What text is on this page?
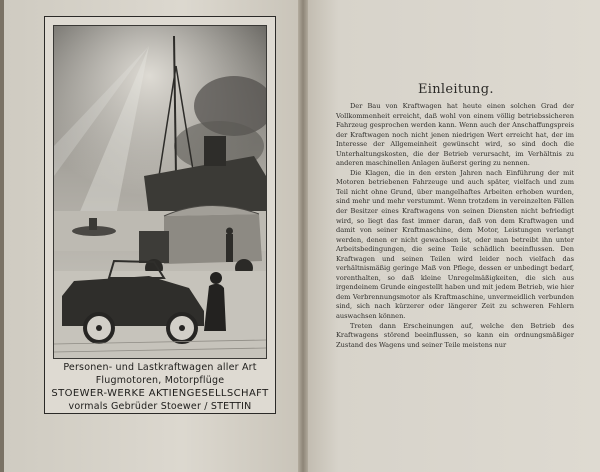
Personen- und Lastkraftwagen aller Art
Flugmotoren, Motorpflüge
STOEWER-WERKE AKTIENGESELLSCHAFT
vormals Gebrüder Stoewer / STETTIN
Einleitung.

Der Bau von Kraftwagen hat heute einen solchen Grad der Vollkommenheit erreicht, daß wohl von einem völlig betriebssicheren Fahrzeug gesprochen werden kann. Wenn auch der Anschaffungspreis der Kraftwagen noch nicht jenen niedrigen Wert erreicht hat, der im Interesse der Allgemeinheit gewünscht wird, so sind doch die Unterhaltungskosten, die der Betrieb verursacht, im Verhältnis zu anderen maschinellen Anlagen äußerst gering zu nennen.

Die Klagen, die in den ersten Jahren nach Einführung der mit Motoren betriebenen Fahrzeuge und auch später, vielfach und zum Teil nicht ohne Grund, über mangelhaftes Arbeiten erhoben wurden, sind mehr und mehr verstummt. Wenn trotzdem in vereinzelten Fällen der Besitzer eines Kraftwagens von seinen Diensten nicht befriedigt wird, so liegt das fast immer daran, daß von dem Kraftwagen und damit von seiner Kraftmaschine, dem Motor, Leistungen verlangt werden, denen er nicht gewachsen ist, oder man betreibt ihn unter Arbeitsbedingungen, die seine Teile schädlich beeinflussen. Den Kraftwagen und seinen Teilen wird leider noch vielfach das verhältnismäßig geringe Maß von Pflege, dessen er unbedingt bedarf, vorenthalten, so daß kleine Unregelmäßigkeiten, die sich aus irgendeinem Grunde eingestellt haben und mit jedem Betrieb, wie hier dem Verbrennungsmotor als Kraftmaschine, unvermeidlich verbunden sind, sich nach kürzerer oder längerer Zeit zu schweren Fehlern auswachsen können.

Treten dann Erscheinungen auf, welche den Betrieb des Kraftwagens störend beeinflussen, so kann ein ordnungsmäßiger Zustand des Wagens und seiner Teile meistens nur
